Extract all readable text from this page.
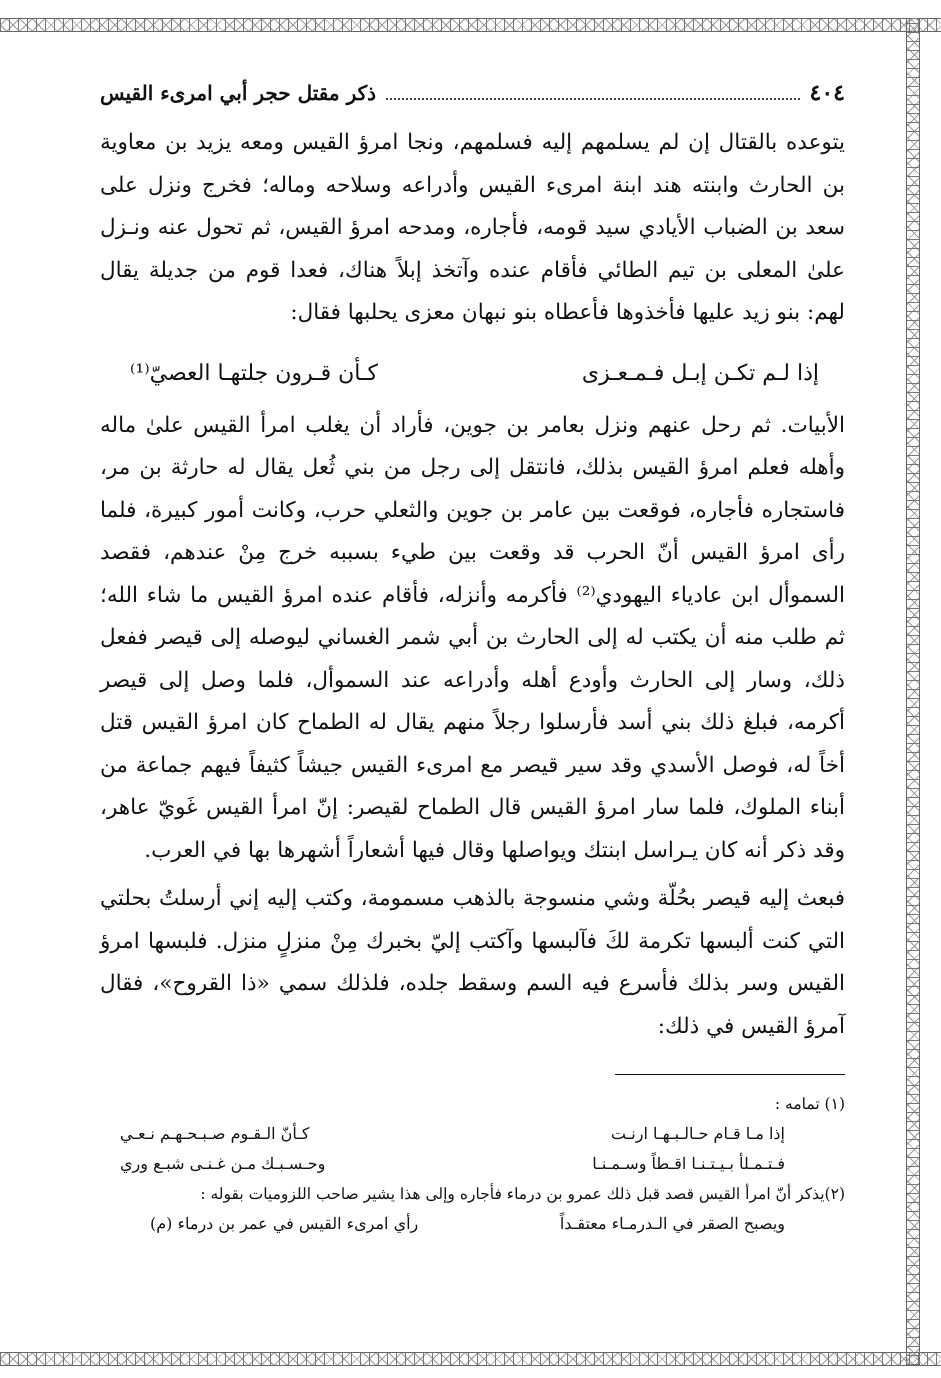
٤٠٤
ذكر مقتل حجر أبي امرىء القيس

يتوعده بالقتال إن لم يسلمهم إليه فسلمهم، ونجا امرؤ القيس ومعه يزيد بن معاوية بن الحارث وابنته هند ابنة امرىء القيس وأدراعه وسلاحه وماله؛ فخرج ونزل على سعد بن الضباب الأيادي سيد قومه، فأجاره، ومدحه امرؤ القيس، ثم تحول عنه ونـزل علىٰ المعلى بن تيم الطائي فأقام عنده وآتخذ إبلاً هناك، فعدا قوم من جديلة يقال لهم: بنو زيد عليها فأخذوها فأعطاه بنو نبهان معزى يحلبها فقال:

إذا لـم تكـن إبـل فـمـعـزى
كـأن قـرون جلتهـا العصيّ⁽¹⁾

الأبيات. ثم رحل عنهم ونزل بعامر بن جوين، فأراد أن يغلب امرأ القيس علىٰ ماله وأهله فعلم امرؤ القيس بذلك، فانتقل إلى رجل من بني ثُعل يقال له حارثة بن مر، فاستجاره فأجاره، فوقعت بين عامر بن جوين والثعلي حرب، وكانت أمور كبيرة، فلما رأى امرؤ القيس أنّ الحرب قد وقعت بين طيء بسببه خرج مِنْ عندهم، فقصد السموأل ابن عادياء اليهودي⁽²⁾ فأكرمه وأنزله، فأقام عنده امرؤ القيس ما شاء الله؛ ثم طلب منه أن يكتب له إلى الحارث بن أبي شمر الغساني ليوصله إلى قيصر ففعل ذلك، وسار إلى الحارث وأودع أهله وأدراعه عند السموأل، فلما وصل إلى قيصر أكرمه، فبلغ ذلك بني أسد فأرسلوا رجلاً منهم يقال له الطماح كان امرؤ القيس قتل أخاً له، فوصل الأسدي وقد سير قيصر مع امرىء القيس جيشاً كثيفاً فيهم جماعة من أبناء الملوك، فلما سار امرؤ القيس قال الطماح لقيصر: إنّ امرأ القيس غَويّ عاهر، وقد ذكر أنه كان يـراسل ابنتك ويواصلها وقال فيها أشعاراً أشهرها بها في العرب.

فبعث إليه قيصر بحُلّة وشي منسوجة بالذهب مسمومة، وكتب إليه إني أرسلتُ بحلتي التي كنت ألبسها تكرمة لكَ فآلبسها وآكتب إليّ بخبرك مِنْ منزلٍ منزل. فلبسها امرؤ القيس وسر بذلك فأسرع فيه السم وسقط جلده، فلذلك سمي «ذا القروح»، فقال آمرؤ القيس في ذلك:

(١) تمامه :

إذا مـا قـام حـالـبـهـا ارنـت
كـأنّ الـقـوم صـبـحـهـم نـعـي
فـتـمـلأ بـيـتـنـا اقـطاً وسـمـنـا
وحـسـبـك مـن غـنـى شبـع وري

(٢)يذكر أنّ امرأ القيس قصد قبل ذلك عمرو بن درماء فأجاره وإلى هذا يشير صاحب اللزوميات بقوله :

ويصبح الصقر في الـدرمـاء معتقـداً
رأي امرىء القيس في عمر بن درماء (م)
